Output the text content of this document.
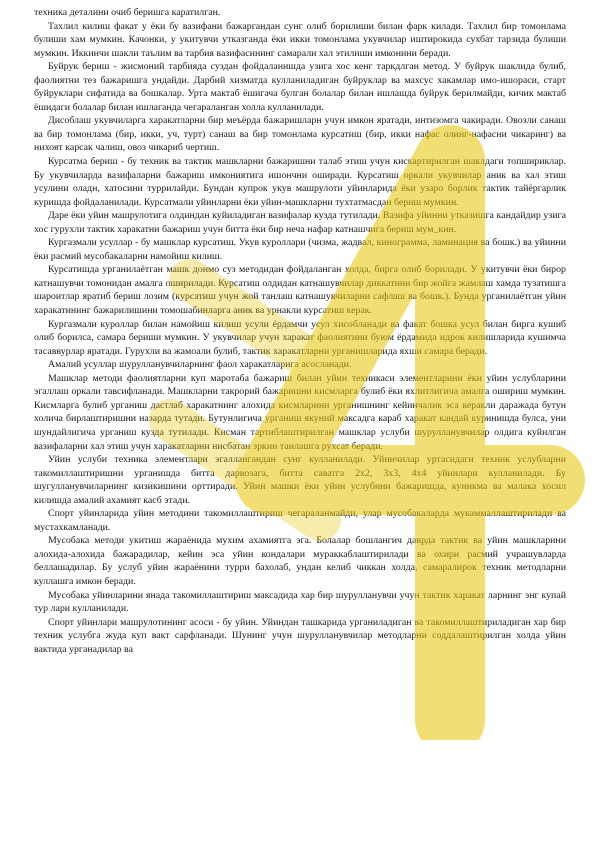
техника деталини очиб беришга каратилган.

Тахлил килиш факат у ёки бу вазифани бажаргандан сунг олиб борилиши билан фарк килади. Тахлил бир томонлама булиши хам мумкин. Качонки, у укитувчи утказганда ёки икки томонлама укувчилар иштирокида сухбат тарзида булиши мумкин. Иккинчи шакли таълим ва тарбия вазифасининг самарали хал этилиши имконини беради.

Буйрук бериш - жисмоний тарбияда суздан фойдаланишда узига хос кенг таркдлган метод. У буйрук шаклида булиб, фаолиятни тез бажаришга ундайди. Дарбий хизматда кулланиладиган буйруклар ва махсус хакамлар имо-ишораси, старт буйруклари сифатида ва бошкалар. Урта мактаб ёшигача булган болалар билан ишлашда буйрук берилмайди, кичик мактаб ёшидаги болалар билан ишлаганда чегараланган холла кулланилади.

Дисоблаш укувчиларга харакатларни бир меъёрда бажаришларн учун имкон яратади, интизомга чакиради. Овозли санаш ва бир томонлама (бир, икки, уч, турт) санаш ва бир томонлама курсатиш (бир, икки нафас олинг-нафасни чикаринг) ва нихоят карсак чалиш, овоз чикариб чертиш.

Курсатма бериш - бу техник ва тактик машкларни бажаришни талаб этиш учун кискартирилган шаклдаги топшириклар. Бу укувчиларда вазифаларни бажариш имкониятига ишончни оширади. Курсатиш оркали укувчилар аник ва хал этиш усулини оладн, хатосини туррилайди. Бундан купрок укув машрулоти уйинларида ёки узаро борлик тактик тайёргарлик куришда фойдаланилади. Курсатмали уйинларни ёки уйин-машкларни тухтатмасдан бериш мумкин.

Даре ёки уйин машрулотига олдиндан куйиладиган вазифалар кузда тутилади. Вазифа уйинни утказишга кандайдир узига хос гурухли тактик харакатни бажариш учун битта ёки бир неча нафар катнашчига бериш мум_кин.

Кургазмали усуллар - бу машклар курсатиш. Укув куроллари (чизма, жадвал, кинограмма, ламинация ва бошк.) ва уйинни ёки расмий мусобакаларни намойиш килиш.

Курсатишда урганилаётган машк донмо суз методидан фойдаланган холда, бирга олиб борилади. У укитувчи ёки бирор катнашувчи томонидан амалга оширилади. Курсатиш олдидан катнашувчилар диккатини бир жойга жамлаш хамда тузатишга шароитлар яратиб бериш лозим (курсатиш учун жой танлаш катнашувчиларни сафлаш ва бошк.). Бунда урганилаётган уйин харакатининг бажарилишини томошабинларга аник ва урнакли курсатиш керак.

Кургазмали куроллар билан намойиш килиш усули ёрдамчи усул хисобланади ва факат бошка усул билан бирга кушиб олиб борилса, самара бериши мумкин. У укувчилар учун харакат фаолиятини буюм ёрдамида идрок килишларида кушимча тасаввурлар яратади. Гурухли ва жамоали булиб, тактик харакатларни урганишларида яхши самара беради.

Амалий усуллар шурулланувчиларнинг фаол харакатларига асосланади.

Машклар методи фаолиятларни куп маротаба бажариш билан уйин техникаси элементларини ёки уйин услубларини эгаллаш оркали тавсифланади. Машкларни такрорий бажаришни кисмларга булиб ёки яхлитлигича амалга ошириш мумкин. Кисмларга булиб урганиш дастлаб харакатнинг алохида кисмларини урганишнинг кейинчалик эса керакли даражада бутун холича бирлаштиришни назарда тутади. Бутунлигича урганиш якуний максадга караб харакат кандай куринишда булса, уни шундайлигича урганиш кузда тутилади. Кисман тартиблаштирилган машклар услуби шурулланувчилар олдига куйилган вазифаларни хал этиш учун харакатларни нисбатан эркин танлашга рухсат беради.

Уйин услуби техника элементлари эгаллангандан сунг кулланилади. Уйинчилар уртасидаги техник услубларни такомиллаштиришни урганишда битта дарвозага, битта саватга 2x2, 3x3, 4x4 уйинлари кулланилади. Бу шугулланувчиларнинг кизикишини орттиради. Уйин машки ёки уйин услубини бажаришда, куникма ва малака хосил килишда амалий ахамият касб этади.

Спорт уйинларида уйин методини такомиллаштириш чегараланмайди, улар мусобакаларда мукаммаллаштирилади ва мустахкамланади.

Мусобака методи укитиш жараёнида мухим ахамиятга эга. Болалар бошлангич даврда тактик ва уйин машкларини алохида-алохида бажарадилар, кейин эса уйин кондалари мураккаблаштирилади ва охири расмий учрашувларда беллашадилар. Бу услуб уйин жараёнини турри бахолаб, ундан келиб чиккан холда, самаралирок техник методларни куллашга имкон беради.

Мусобака уйинларини янада такомиллаштириш максадида хар бир шурулланувчи учун тактик харакат ларнинг энг купай тур лари кулланилади.

Спорт уйинлари машрулотининг асоси - бу уйин. Уйиндан ташкарида урганиладиган ва такомиллаштириладиган хар бир техник услубга жуда куп вакт сарфланади. Шунинг учун шурулланувчилар методларни соддалаштирилган холда уйин вактида урганадилар ва
